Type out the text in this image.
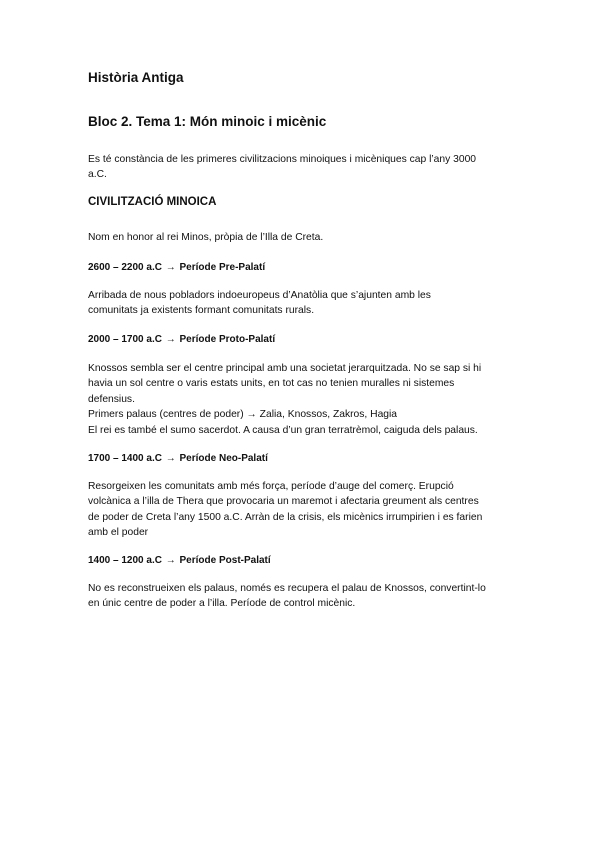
Història Antiga
Bloc 2. Tema 1: Món minoic i micènic

Es té constància de les primeres civilitzacions minoiques i micèniques cap l’any 3000
a.C.

CIVILITZACIÓ MINOICA

Nom en honor al rei Minos, pròpia de l’Illa de Creta.

2600 – 2200 a.C → Període Pre-Palatí

Arribada de nous pobladors indoeuropeus d’Anatòlia que s’ajunten amb les
comunitats ja existents formant comunitats rurals.

2000 – 1700 a.C → Període Proto-Palatí

Knossos sembla ser el centre principal amb una societat jerarquitzada. No se sap si hi
havia un sol centre o varis estats units, en tot cas no tenien muralles ni sistemes
defensius.
Primers palaus (centres de poder) → Zalia, Knossos, Zakros, Hagia
El rei es també el sumo sacerdot. A causa d’un gran terratrèmol, caiguda dels palaus.

1700 – 1400 a.C → Període Neo-Palatí

Resorgeixen les comunitats amb més força, període d’auge del comerç. Erupció
volcànica a l’illa de Thera que provocaria un maremot i afectaria greument als centres
de poder de Creta l’any 1500 a.C. Arràn de la crisis, els micènics irrumpirien i es farien
amb el poder

1400 – 1200 a.C → Període Post-Palatí

No es reconstrueixen els palaus, només es recupera el palau de Knossos, convertint-lo
en únic centre de poder a l’illa. Període de control micènic.
